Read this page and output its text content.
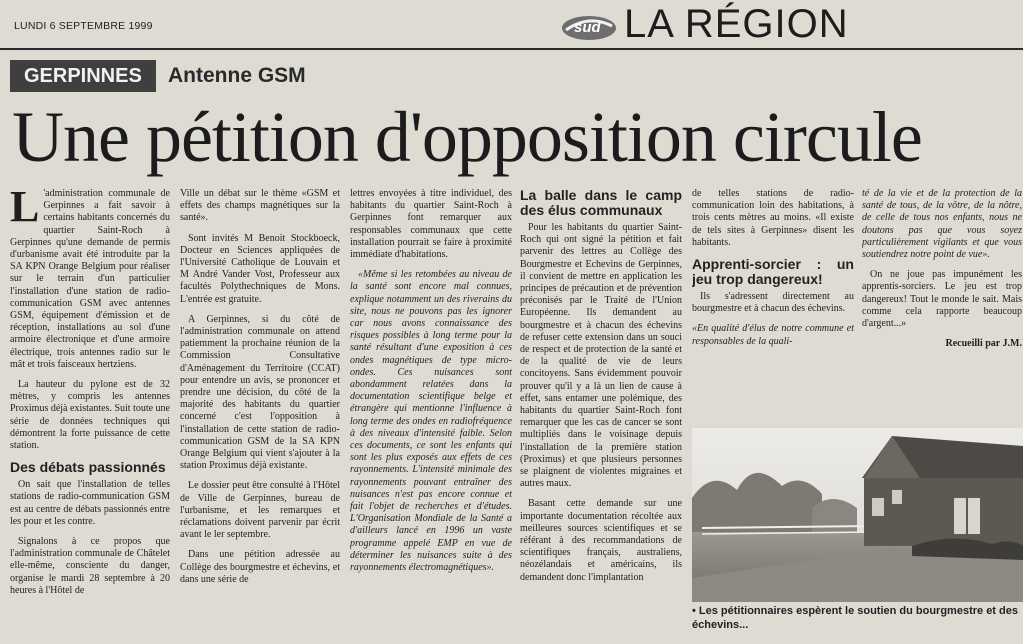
LUNDI 6 SEPTEMBRE 1999	sud LA RÉGION
GERPINNES	Antenne GSM
Une pétition d'opposition circule

L 'administration communale de Gerpinnes a fait savoir à certains habitants concernés du quartier Saint-Roch à Gerpinnes qu'une demande de permis d'urbanisme avait été introduite par la SA KPN Orange Belgium pour réaliser sur le terrain d'un particulier l'installation d'une station de radio-communication GSM avec antennes GSM, équipement d'émission et de réception, installations au sol d'une armoire électronique et d'une armoire électrique, trois antennes radio sur le mât et trois faisceaux hertziens.

La hauteur du pylone est de 32 mètres, y compris les antennes Proximus déjà existantes. Suit toute une série de données techniques qui démontrent la forte puissance de cette station.

Des débats passionnés

On sait que l'installation de telles stations de radio-communication GSM est au centre de débats passionnés entre les pour et les contre.

Signalons à ce propos que l'administration communale de Châtelet elle-même, consciente du danger, organise le mardi 28 septembre à 20 heures à l'Hôtel de

Ville un débat sur le thème «GSM et effets des champs magnétiques sur la santé».

Sont invités M Benoit Stockboeck, Docteur en Sciences appliquées de l'Université Catholique de Louvain et M André Vander Vost, Professeur aux facultés Polythechniques de Mons. L'entrée est gratuite.

A Gerpinnes, si du côté de l'administration communale on attend patiemment la prochaine réunion de la Commission Consultative d'Aménagement du Territoire (CCAT) pour entendre un avis, se prononcer et prendre une décision, du côté de la majorité des habitants du quartier concerné c'est l'opposition à l'installation de cette station de radio-communication GSM de la SA KPN Orange Belgium qui vient s'ajouter à la station Proximus déjà existante.

Le dossier peut être consulté à l'Hôtel de Ville de Gerpinnes, bureau de l'urbanisme, et les remarques et réclamations doivent parvenir par écrit avant le ler septembre.

Dans une pétition adressée au Collège des bourgmestre et échevins, et dans une série de

lettres envoyées à titre individuel, des habitants du quartier Saint-Roch à Gerpinnes font remarquer aux responsables communaux que cette installation pourrait se faire à proximité immédiate d'habitations.

«Même si les retombées au niveau de la santé sont encore mal connues, explique notamment un des riverains du site, nous ne pouvons pas les ignorer car nous avons connaissance des risques possibles à long terme pour la santé résultant d'une exposition à ces ondes magnétiques de type micro-ondes. Ces nuisances sont abondamment relatées dans la documentation scientifique belge et étrangère qui mentionne l'influence à long terme des ondes en radiofréquence à des niveaux d'intensité faible. Selon ces documents, ce sont les enfants qui sont les plus exposés aux effets de ces rayonnements. L'intensité minimale des rayonnements pouvant entraîner des nuisances n'est pas encore connue et fait l'objet de recherches et d'études. L'Organisation Mondiale de la Santé a d'ailleurs lancé en 1996 un vaste programme appelé EMP en vue de déterminer les nuisances suite à des rayonnements électromagnétiques».

La balle dans le camp des élus communaux

Pour les habitants du quartier Saint-Roch qui ont signé la pétition et fait parvenir des lettres au Collège des Bourgmestre et Echevins de Gerpinnes, il convient de mettre en application les principes de précaution et de prévention préconisés par le Traité de l'Union Européenne. Ils demandent au bourgmestre et à chacun des échevins de refuser cette extension dans un souci de respect et de protection de la santé et de la qualité de vie de leurs concitoyens. Sans évidemment pouvoir prouver qu'il y a là un lien de cause à effet, sans entamer une polémique, des habitants du quartier Saint-Roch font remarquer que les cas de cancer se sont multipliés dans le voisinage depuis l'installation de la première station (Proximus) et que plusieurs personnes se plaignent de violentes migraines et autres maux.

Basant cette demande sur une importante documentation récoltée aux meilleures sources scientifiques et se référant à des recommandations de scientifiques français, australiens, néozélandais et américains, ils demandent donc l'implantation

de telles stations de radio-communication loin des habitations, à trois cents mètres au moins. «Il existe de tels sites à Gerpinnes» disent les habitants.

Apprenti-sorcier : un jeu trop dangereux!

Ils s'adressent directement au bourgmestre et à chacun des échevins.

«En qualité d'élus de notre commune et responsables de la quali-

té de la vie et de la protection de la santé de tous, de la vôtre, de la nôtre, de celle de tous nos enfants, nous ne doutons pas que vous soyez particulièrement vigilants et que vous soutiendrez notre point de vue».

On ne joue pas impunément les apprentis-sorciers. Le jeu est trop dangereux! Tout le monde le sait. Mais comme cela rapporte beaucoup d'argent...»

Recueilli par J.M.

• Les pétitionnaires espèrent le soutien du bourgmestre et des échevins...
